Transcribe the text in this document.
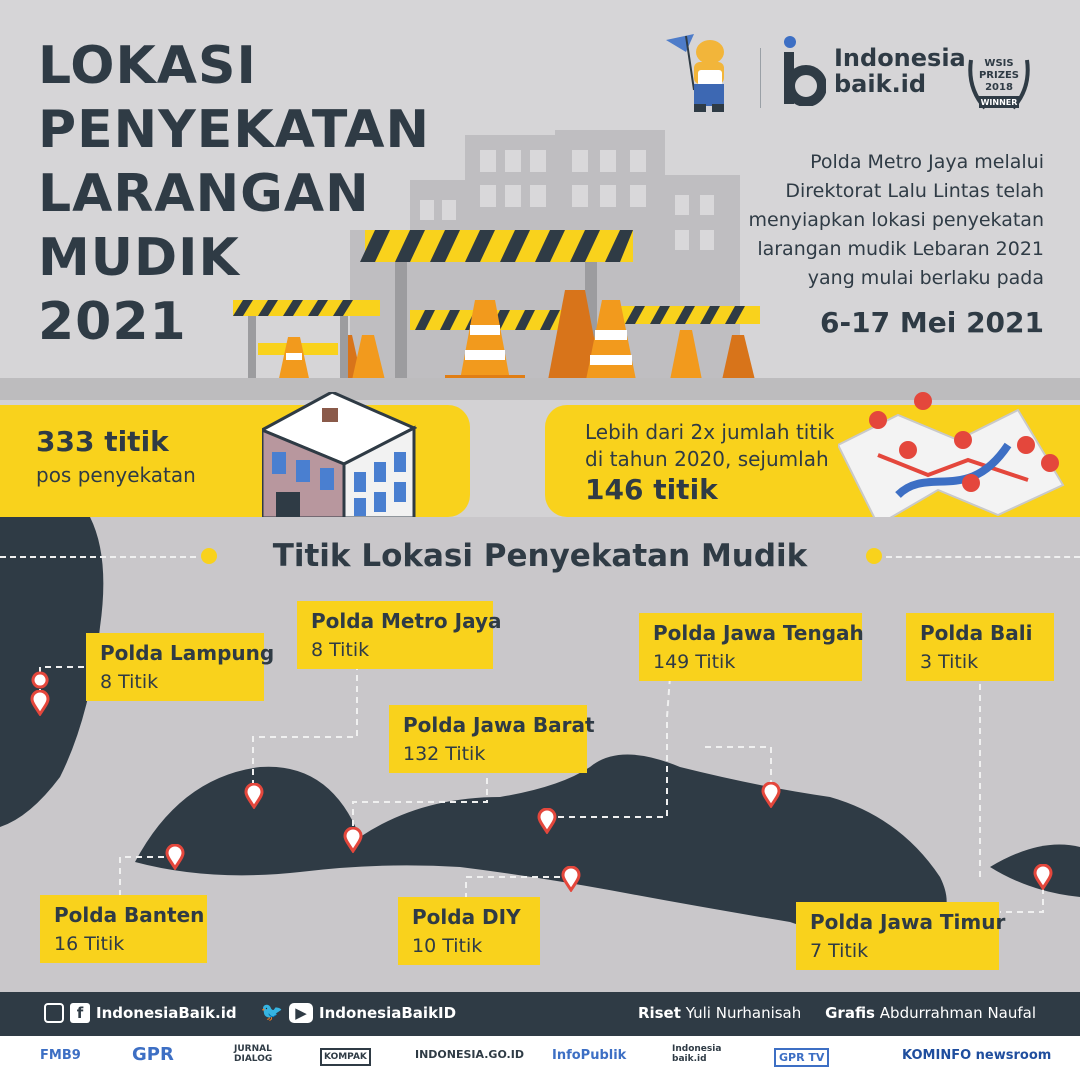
LOKASI
PENYEKATAN
LARANGAN
MUDIK
2021
Indonesia
baik.id
WSIS
PRIZES
2018
WINNER
Polda Metro Jaya melalui Direktorat Lalu Lintas telah menyiapkan lokasi penyekatan larangan mudik Lebaran 2021 yang mulai berlaku pada
6-17 Mei 2021
333 titik
pos penyekatan
Lebih dari 2x jumlah titik di tahun 2020, sejumlah
146 titik
Titik Lokasi Penyekatan Mudik
Polda Lampung
8 Titik
Polda Metro Jaya
8 Titik
Polda Jawa Barat
132 Titik
Polda Jawa Tengah
149 Titik
Polda Bali
3 Titik
Polda Banten
16 Titik
Polda DIY
10 Titik
Polda Jawa Timur
7 Titik
f IndonesiaBaik.id 🐦 ▶ IndonesiaBaikID	Riset Yuli Nurhanisah Grafis Abdurrahman Naufal
FMB9	GPR	JURNAL DIALOG	KOMPAK	INDONESIA.GO.ID InfoPublik	Indonesia baik.id	GPR TV	KOMINFO newsroom
